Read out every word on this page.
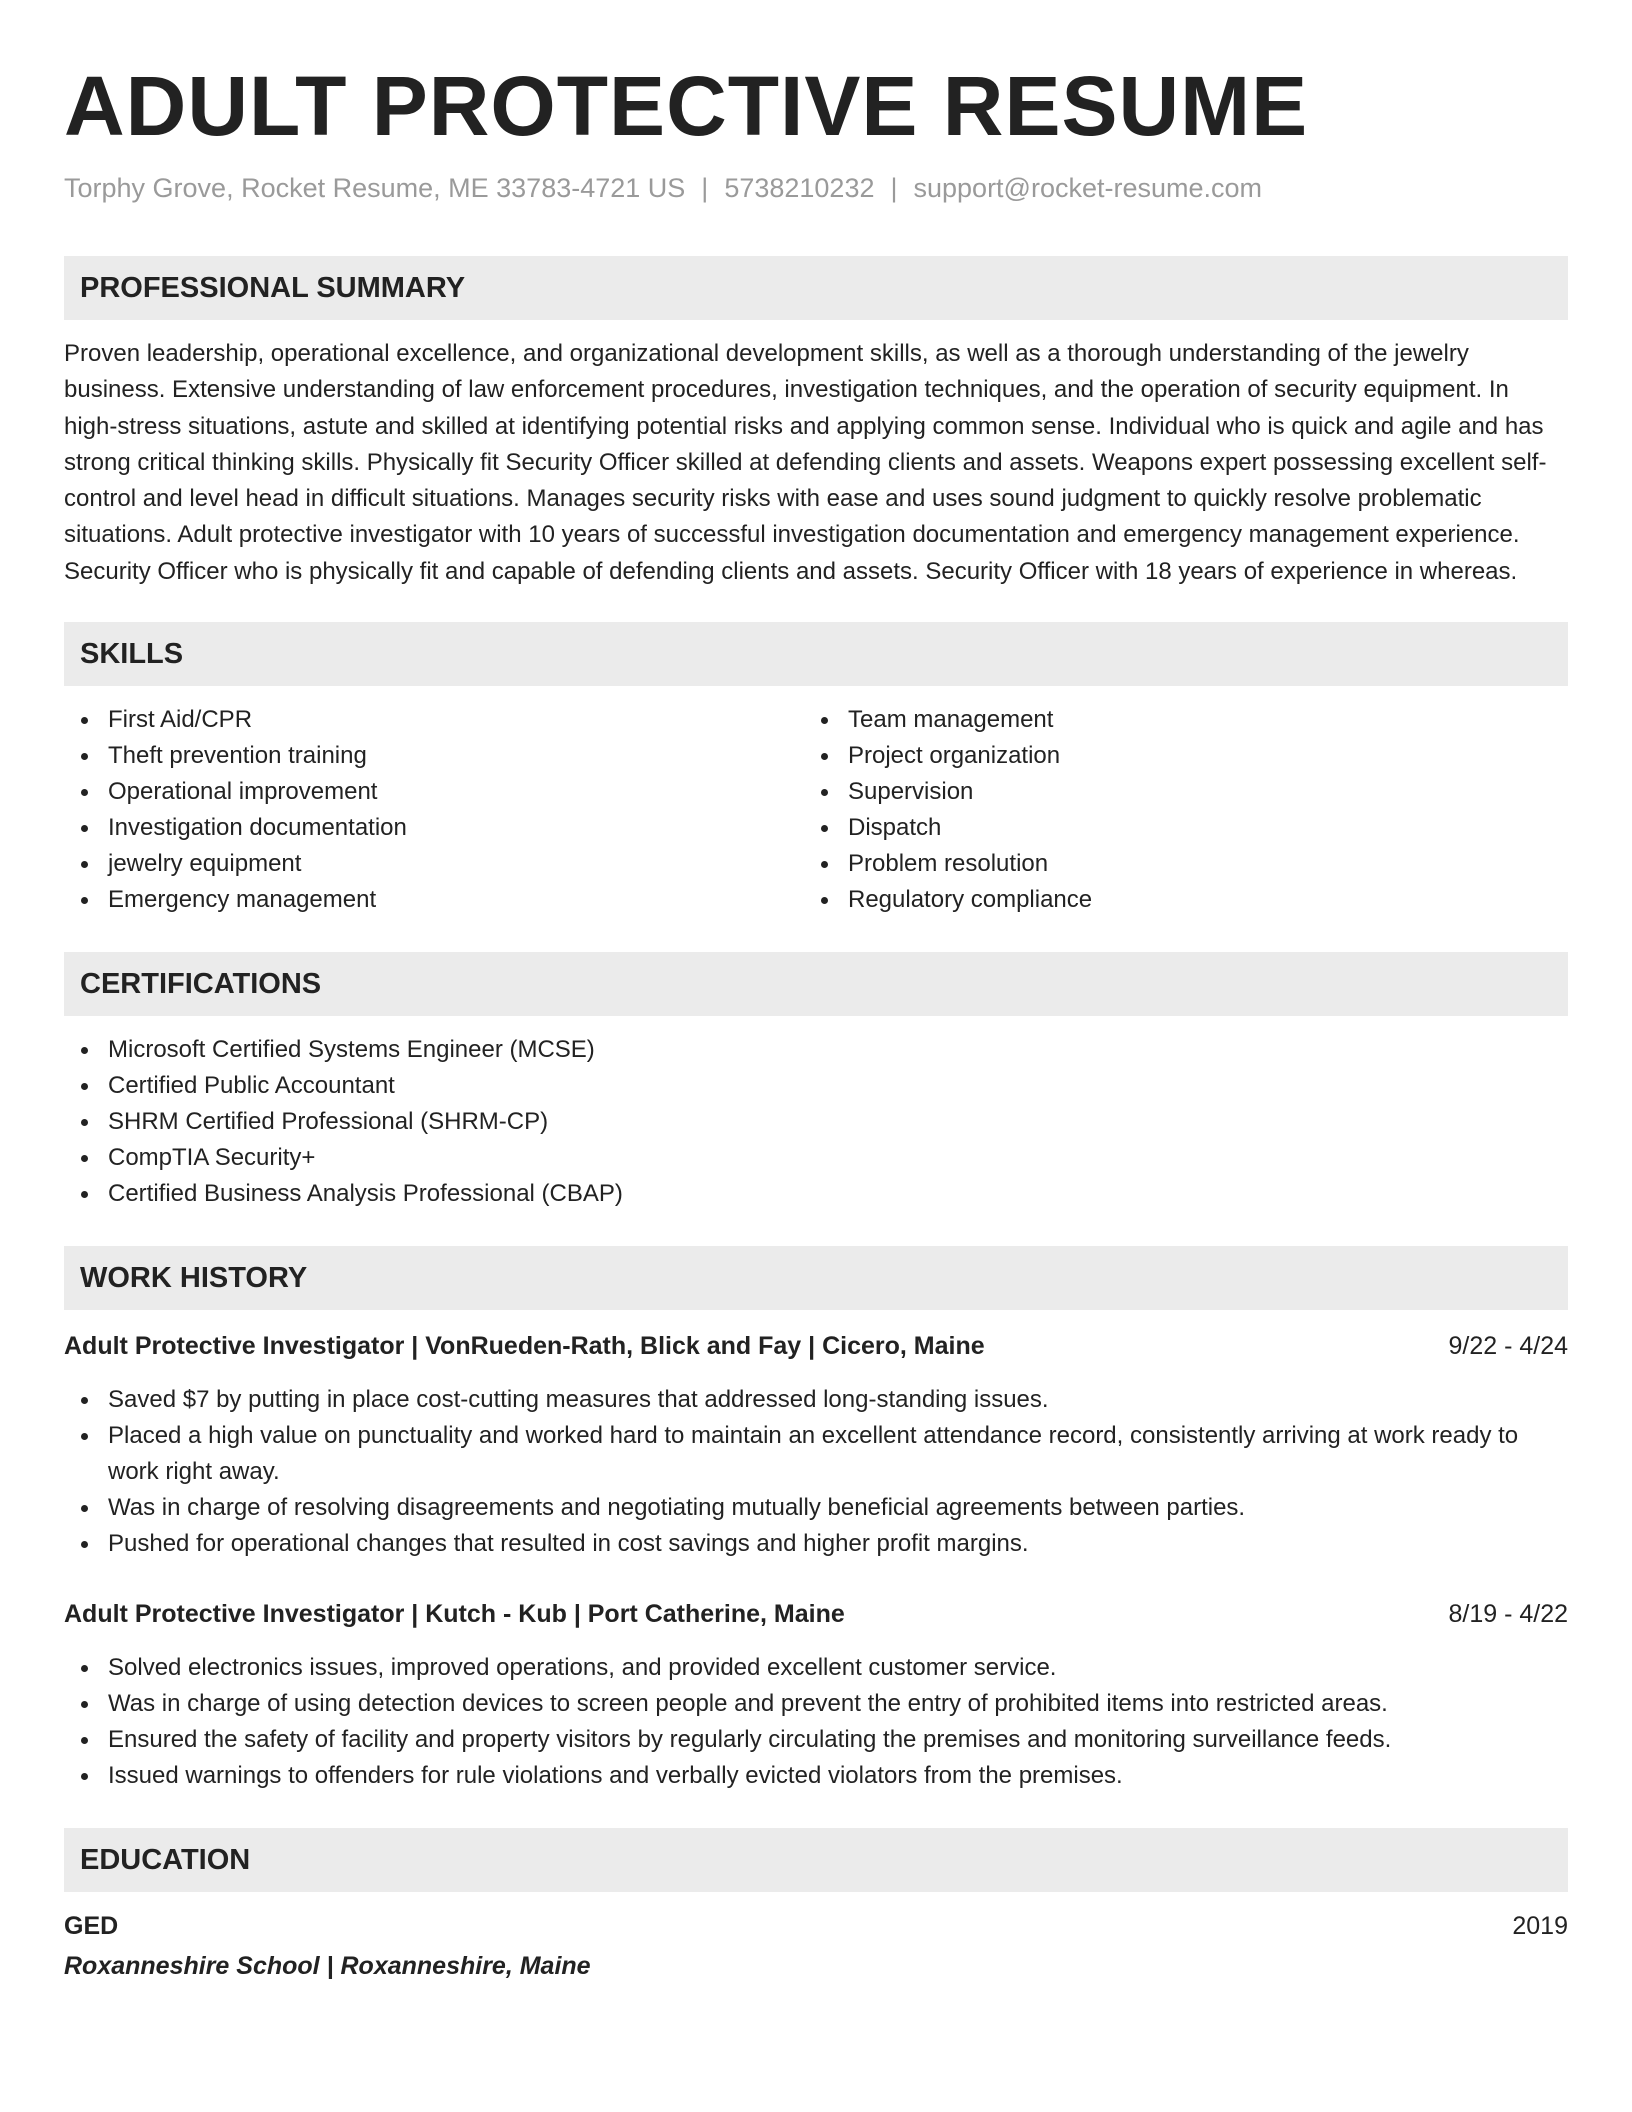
ADULT PROTECTIVE RESUME
Torphy Grove, Rocket Resume, ME 33783-4721 US | 5738210232 | support@rocket-resume.com
PROFESSIONAL SUMMARY

Proven leadership, operational excellence, and organizational development skills, as well as a thorough understanding of the jewelry business. Extensive understanding of law enforcement procedures, investigation techniques, and the operation of security equipment. In high-stress situations, astute and skilled at identifying potential risks and applying common sense. Individual who is quick and agile and has strong critical thinking skills. Physically fit Security Officer skilled at defending clients and assets. Weapons expert possessing excellent self-control and level head in difficult situations. Manages security risks with ease and uses sound judgment to quickly resolve problematic situations. Adult protective investigator with 10 years of successful investigation documentation and emergency management experience. Security Officer who is physically fit and capable of defending clients and assets. Security Officer with 18 years of experience in whereas.

SKILLS
First Aid/CPR
Theft prevention training
Operational improvement
Investigation documentation
jewelry equipment
Emergency management
Team management
Project organization
Supervision
Dispatch
Problem resolution
Regulatory compliance
CERTIFICATIONS
Microsoft Certified Systems Engineer (MCSE)
Certified Public Accountant
SHRM Certified Professional (SHRM-CP)
CompTIA Security+
Certified Business Analysis Professional (CBAP)
WORK HISTORY
Adult Protective Investigator | VonRueden-Rath, Blick and Fay | Cicero, Maine	9/22 - 4/24
Saved $7 by putting in place cost-cutting measures that addressed long-standing issues.
Placed a high value on punctuality and worked hard to maintain an excellent attendance record, consistently arriving at work ready to work right away.
Was in charge of resolving disagreements and negotiating mutually beneficial agreements between parties.
Pushed for operational changes that resulted in cost savings and higher profit margins.
Adult Protective Investigator | Kutch - Kub | Port Catherine, Maine	8/19 - 4/22
Solved electronics issues, improved operations, and provided excellent customer service.
Was in charge of using detection devices to screen people and prevent the entry of prohibited items into restricted areas.
Ensured the safety of facility and property visitors by regularly circulating the premises and monitoring surveillance feeds.
Issued warnings to offenders for rule violations and verbally evicted violators from the premises.
EDUCATION
GED	2019
Roxanneshire School | Roxanneshire, Maine
